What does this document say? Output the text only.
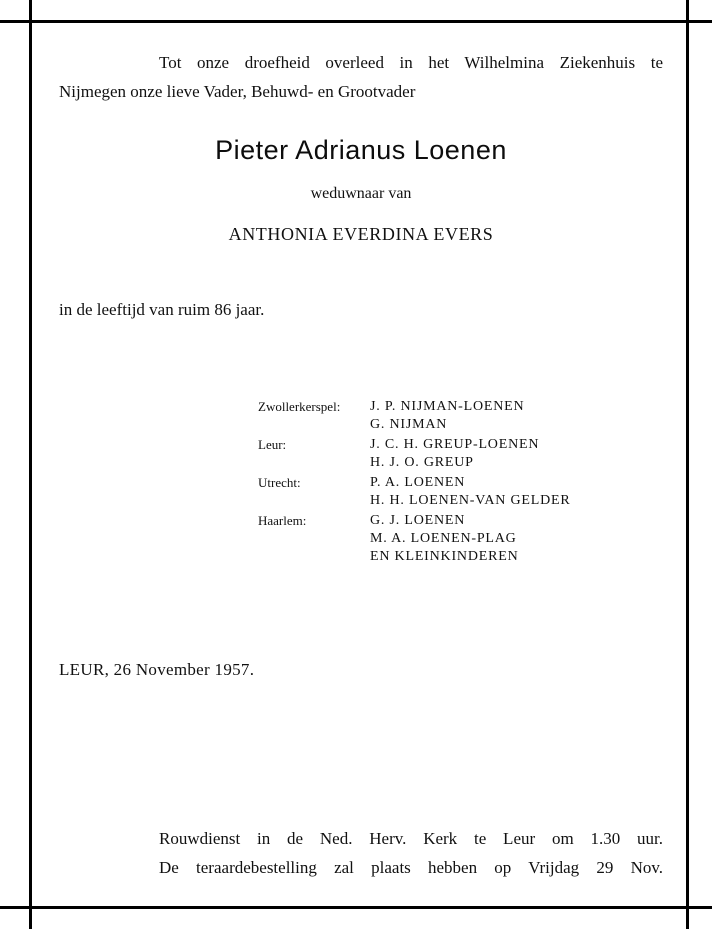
Tot onze droefheid overleed in het Wilhelmina Ziekenhuis te
Nijmegen onze lieve Vader, Behuwd- en Grootvader
Pieter Adrianus Loenen
weduwnaar van
ANTHONIA EVERDINA EVERS
in de leeftijd van ruim 86 jaar.
Zwollerkerspel:	J. P. NIJMAN-LOENEN
	G. NIJMAN
Leur:	J. C. H. GREUP-LOENEN
	H. J. O. GREUP
Utrecht:	P. A. LOENEN
	H. H. LOENEN-VAN GELDER
Haarlem:	G. J. LOENEN
	M. A. LOENEN-PLAG
	EN KLEINKINDEREN
LEUR, 26 November 1957.
Rouwdienst in de Ned. Herv. Kerk te Leur om 1.30 uur.
De teraardebestelling zal plaats hebben op Vrijdag 29 Nov.
